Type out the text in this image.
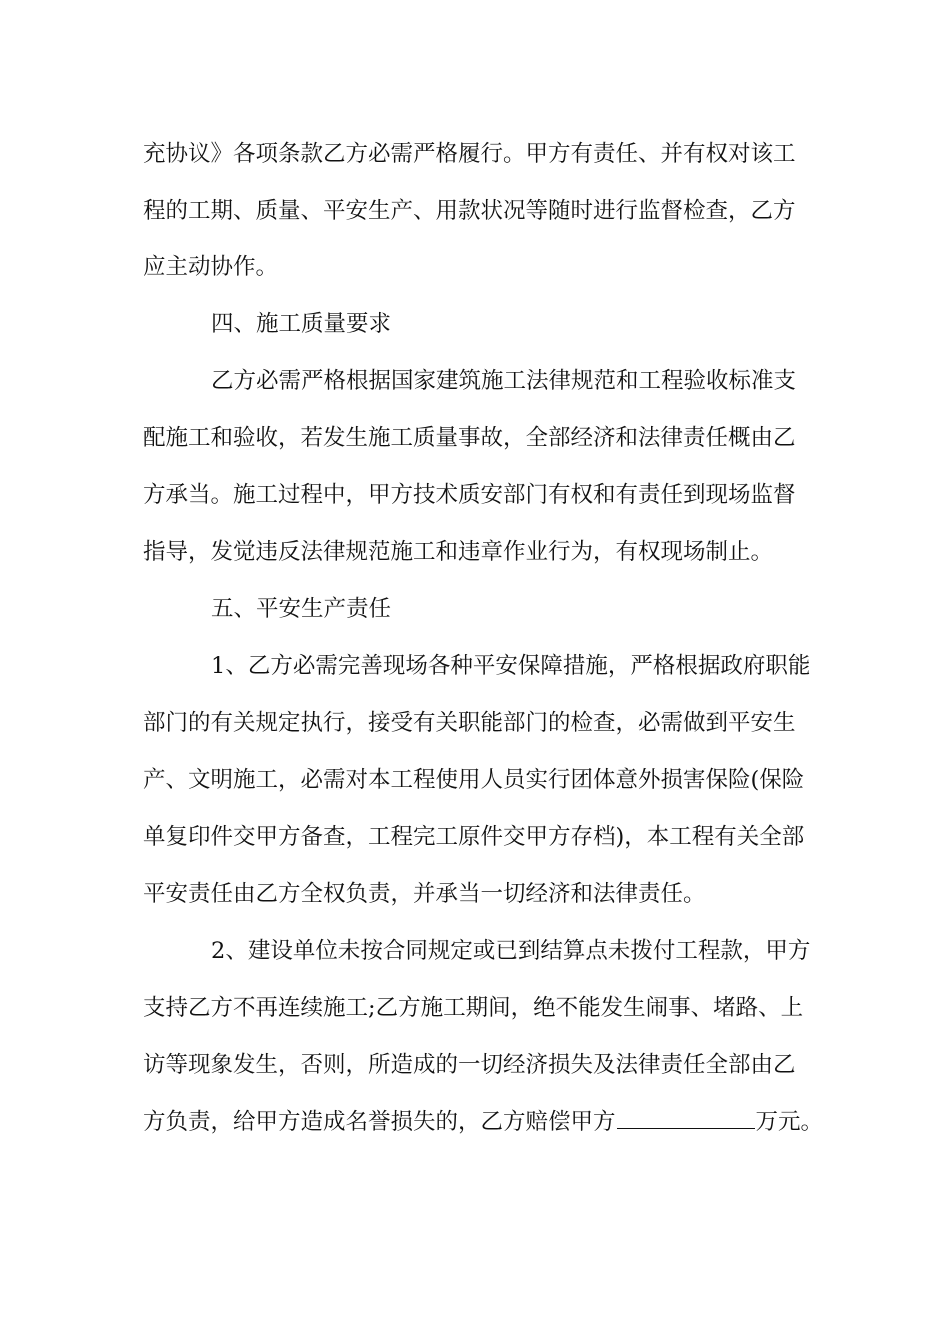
充协议》各项条款乙方必需严格履行。甲方有责任、并有权对该工
程的工期、质量、平安生产、用款状况等随时进行监督检查，乙方
应主动协作。
四、施工质量要求
乙方必需严格根据国家建筑施工法律规范和工程验收标准支
配施工和验收，若发生施工质量事故，全部经济和法律责任概由乙
方承当。施工过程中，甲方技术质安部门有权和有责任到现场监督
指导，发觉违反法律规范施工和违章作业行为，有权现场制止。
五、平安生产责任
1、乙方必需完善现场各种平安保障措施，严格根据政府职能
部门的有关规定执行，接受有关职能部门的检查，必需做到平安生
产、文明施工，必需对本工程使用人员实行团体意外损害保险(保险
单复印件交甲方备查，工程完工原件交甲方存档)，本工程有关全部
平安责任由乙方全权负责，并承当一切经济和法律责任。
2、建设单位未按合同规定或已到结算点未拨付工程款，甲方
支持乙方不再连续施工;乙方施工期间，绝不能发生闹事、堵路、上
访等现象发生，否则，所造成的一切经济损失及法律责任全部由乙
方负责，给甲方造成名誉损失的，乙方赔偿甲方	万元。
